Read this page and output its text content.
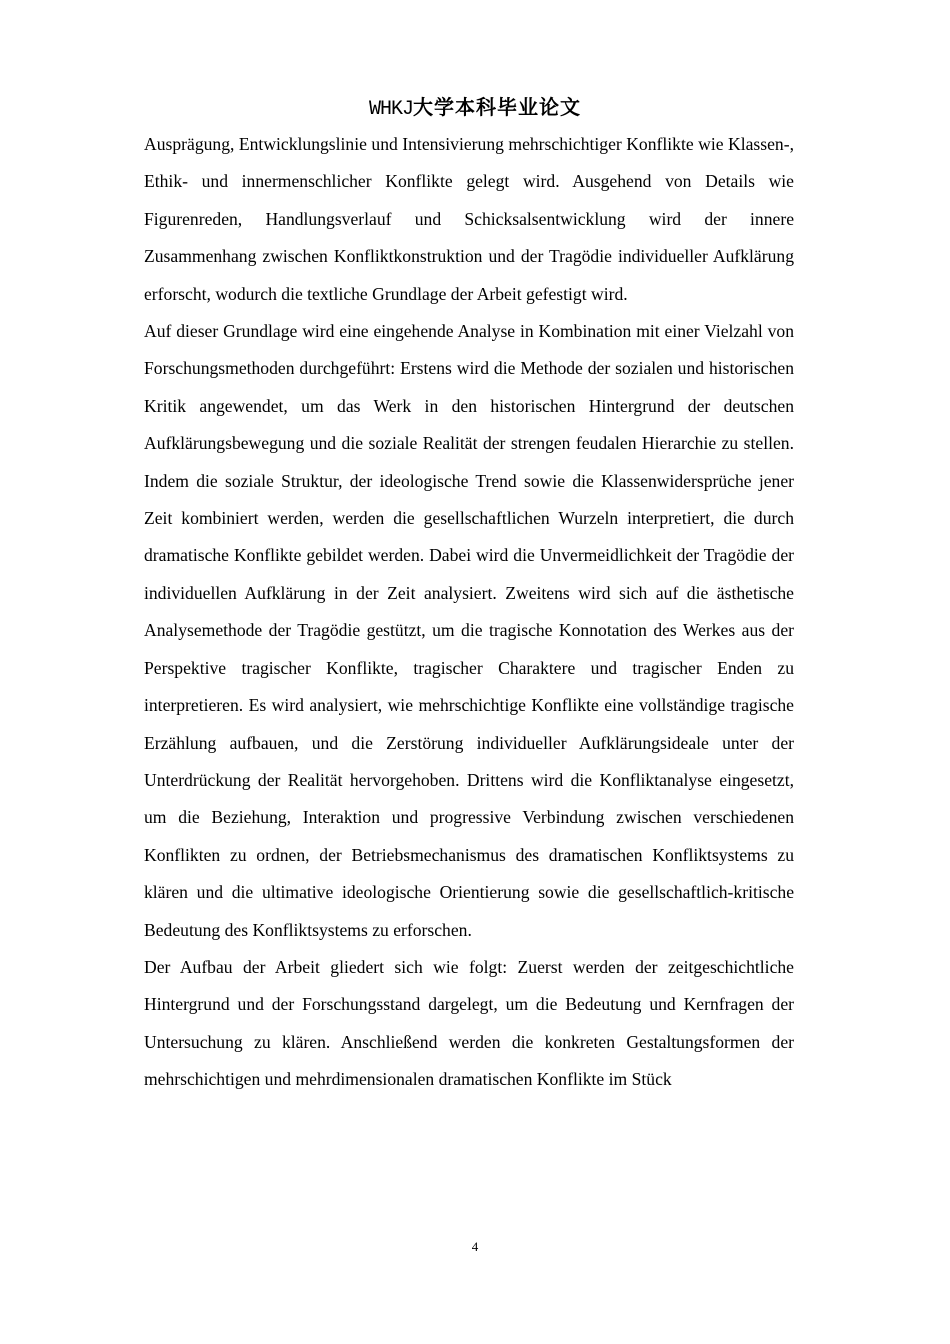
WHKJ大学本科毕业论文

Ausprägung, Entwicklungslinie und Intensivierung mehrschichtiger Konflikte wie Klassen-, Ethik- und innermenschlicher Konflikte gelegt wird. Ausgehend von Details wie Figurenreden, Handlungsverlauf und Schicksalsentwicklung wird der innere Zusammenhang zwischen Konfliktkonstruktion und der Tragödie individueller Aufklärung erforscht, wodurch die textliche Grundlage der Arbeit gefestigt wird.

Auf dieser Grundlage wird eine eingehende Analyse in Kombination mit einer Vielzahl von Forschungsmethoden durchgeführt: Erstens wird die Methode der sozialen und historischen Kritik angewendet, um das Werk in den historischen Hintergrund der deutschen Aufklärungsbewegung und die soziale Realität der strengen feudalen Hierarchie zu stellen. Indem die soziale Struktur, der ideologische Trend sowie die Klassenwidersprüche jener Zeit kombiniert werden, werden die gesellschaftlichen Wurzeln interpretiert, die durch dramatische Konflikte gebildet werden. Dabei wird die Unvermeidlichkeit der Tragödie der individuellen Aufklärung in der Zeit analysiert. Zweitens wird sich auf die ästhetische Analysemethode der Tragödie gestützt, um die tragische Konnotation des Werkes aus der Perspektive tragischer Konflikte, tragischer Charaktere und tragischer Enden zu interpretieren. Es wird analysiert, wie mehrschichtige Konflikte eine vollständige tragische Erzählung aufbauen, und die Zerstörung individueller Aufklärungsideale unter der Unterdrückung der Realität hervorgehoben. Drittens wird die Konfliktanalyse eingesetzt, um die Beziehung, Interaktion und progressive Verbindung zwischen verschiedenen Konflikten zu ordnen, der Betriebsmechanismus des dramatischen Konfliktsystems zu klären und die ultimative ideologische Orientierung sowie die gesellschaftlich-kritische Bedeutung des Konfliktsystems zu erforschen.

Der Aufbau der Arbeit gliedert sich wie folgt: Zuerst werden der zeitgeschichtliche Hintergrund und der Forschungsstand dargelegt, um die Bedeutung und Kernfragen der Untersuchung zu klären. Anschließend werden die konkreten Gestaltungsformen der mehrschichtigen und mehrdimensionalen dramatischen Konflikte im Stück

4
